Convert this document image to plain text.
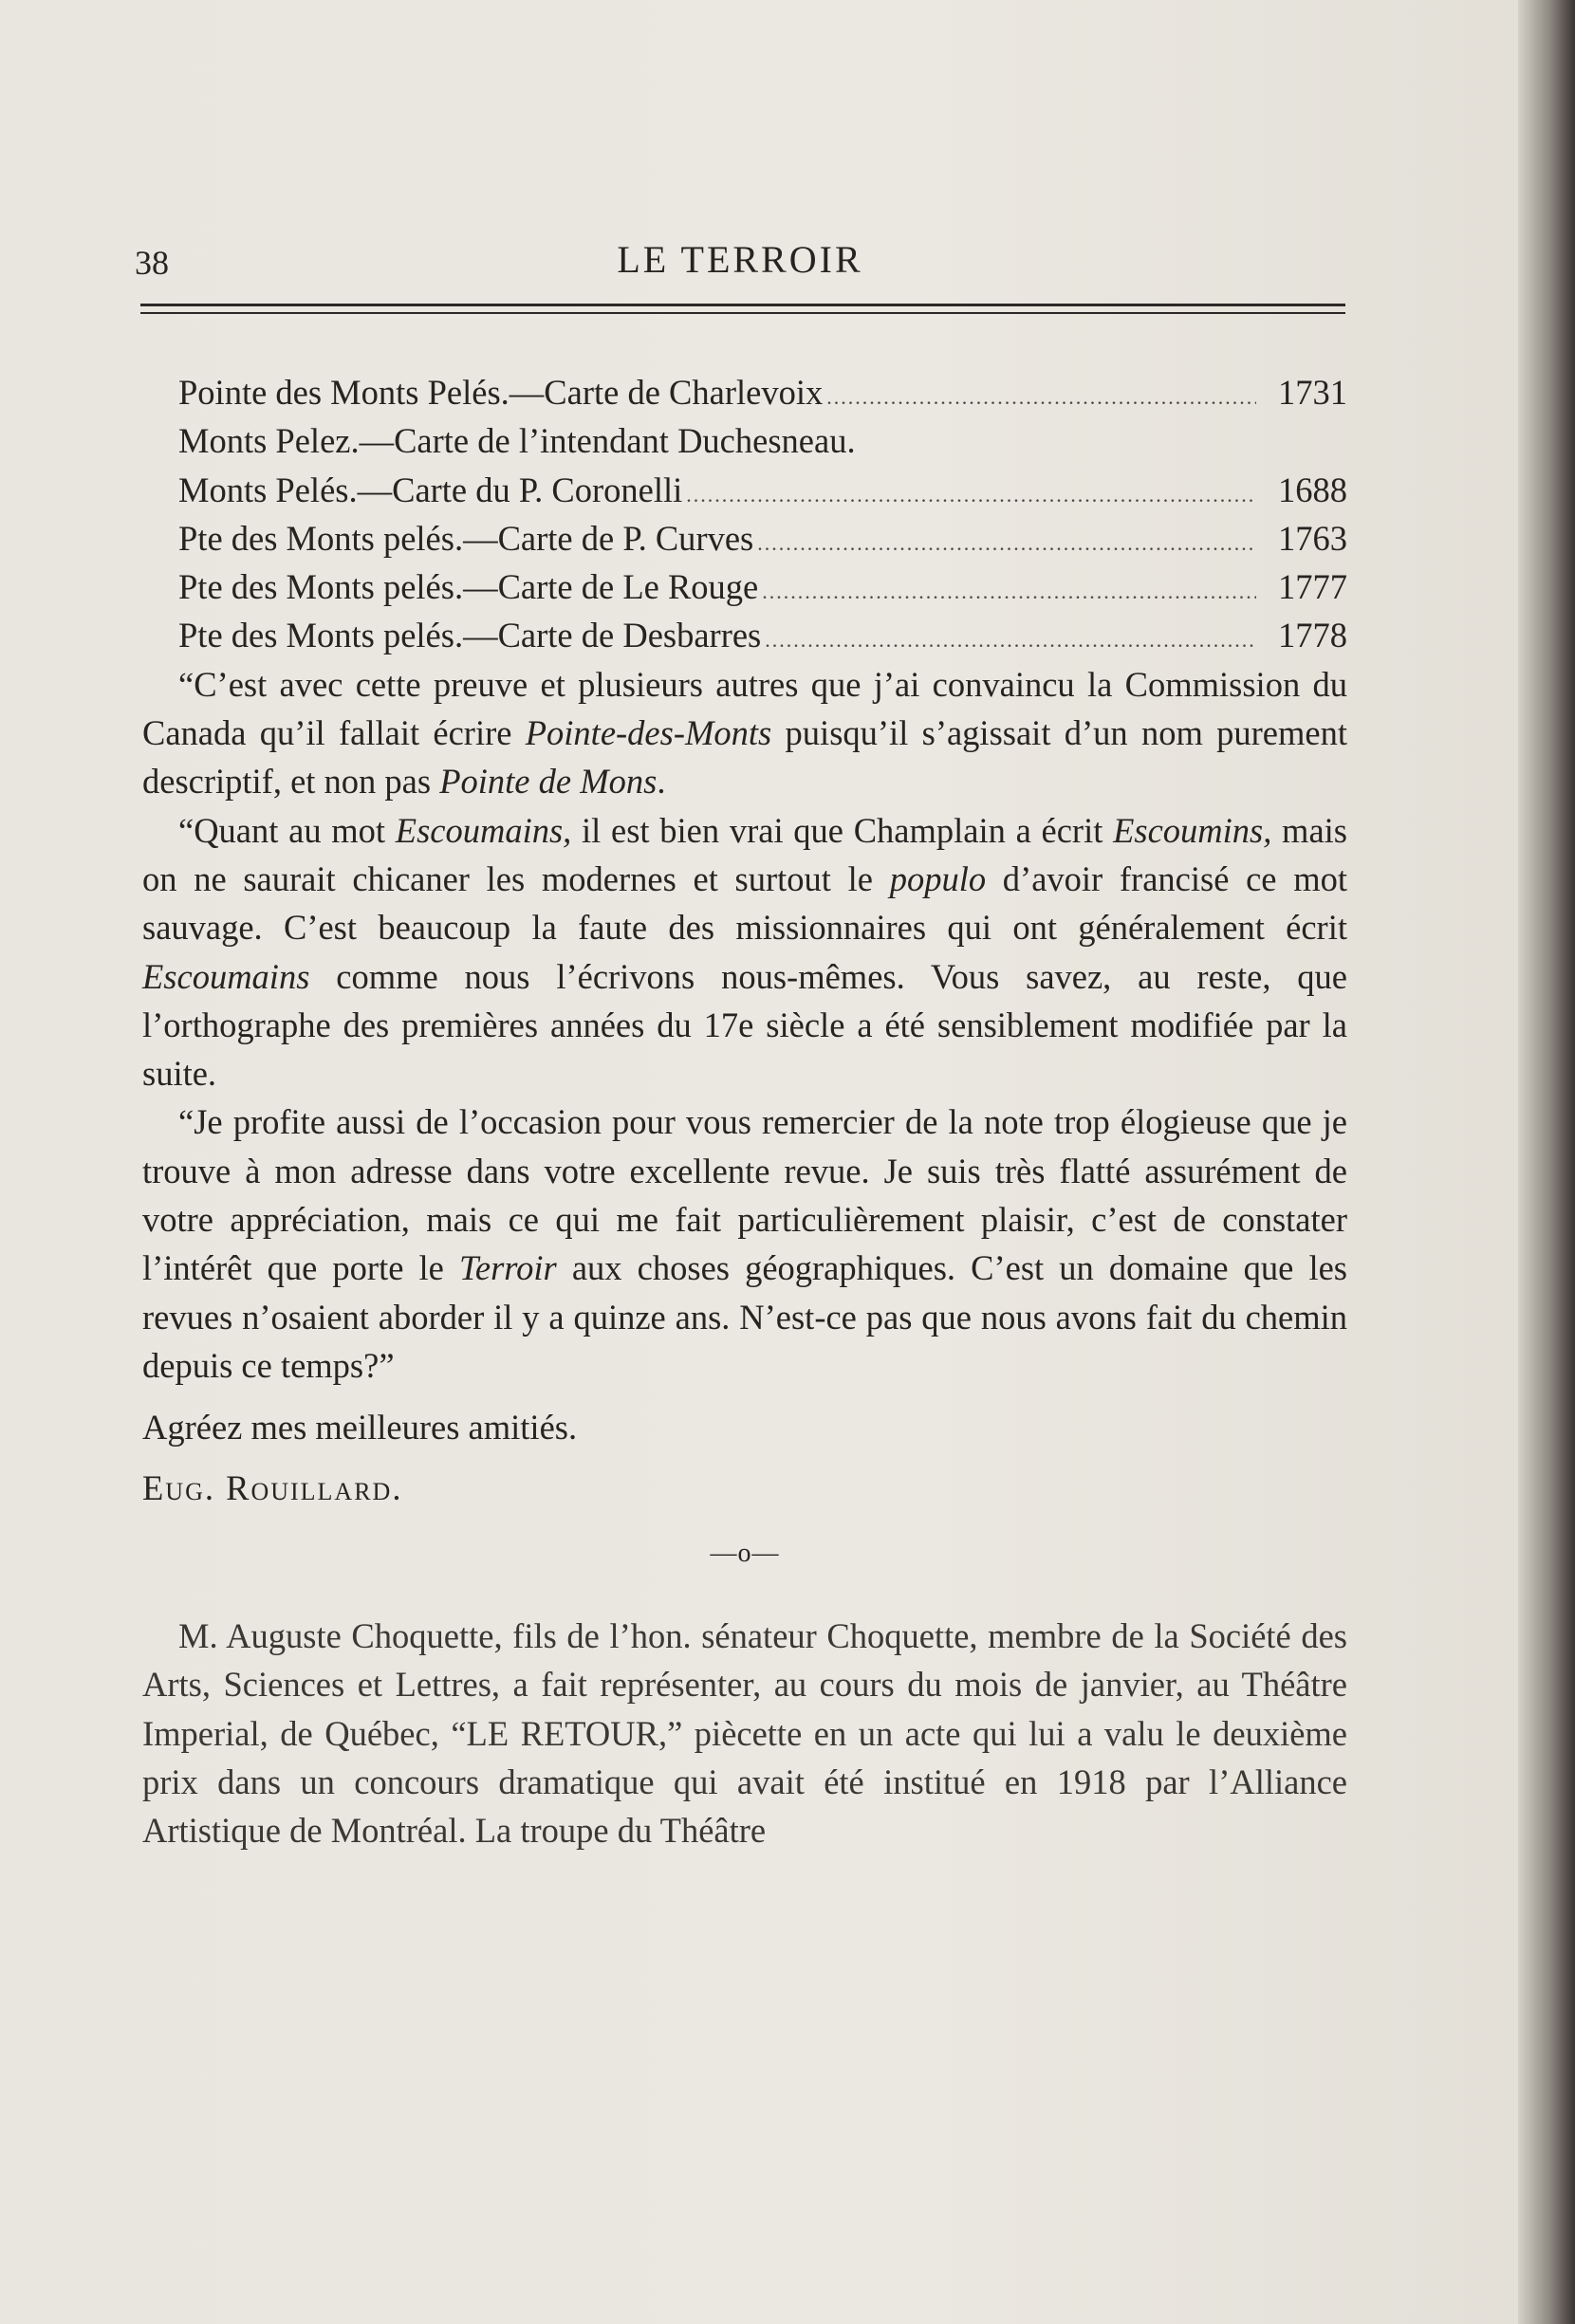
38	LE TERROIR
Pointe des Monts Pelés.—Carte de Charlevoix .....	1731
Monts Pelez.—Carte de l’intendant Duchesneau.
Monts Pelés.—Carte du P. Coronelli .....	1688
Pte des Monts pelés.—Carte de P. Curves .....	1763
Pte des Monts pelés.—Carte de Le Rouge .....	1777
Pte des Monts pelés.—Carte de Desbarres .....	1778

“C’est avec cette preuve et plusieurs autres que j’ai convaincu la Commission du Canada qu’il fallait écrire Pointe-des-Monts puisqu’il s’agissait d’un nom purement descriptif, et non pas Pointe de Mons.

“Quant au mot Escoumains, il est bien vrai que Champlain a écrit Escoumins, mais on ne saurait chicaner les modernes et surtout le populo d’avoir francisé ce mot sauvage. C’est beaucoup la faute des missionnaires qui ont généralement écrit Escoumains comme nous l’écrivons nous-mêmes. Vous savez, au reste, que l’orthographe des premières années du 17e siècle a été sensiblement modifiée par la suite.

“Je profite aussi de l’occasion pour vous remercier de la note trop élogieuse que je trouve à mon adresse dans votre excellente revue. Je suis très flatté assurément de votre appréciation, mais ce qui me fait particulièrement plaisir, c’est de constater l’intérêt que porte le Terroir aux choses géographiques. C’est un domaine que les revues n’osaient aborder il y a quinze ans. N’est-ce pas que nous avons fait du chemin depuis ce temps?”

Agréez mes meilleures amitiés.

Eug. Rouillard.

—o—

M. Auguste Choquette, fils de l’hon. sénateur Choquette, membre de la Société des Arts, Sciences et Lettres, a fait représenter, au cours du mois de janvier, au Théâtre Imperial, de Québec, “LE RETOUR,” piècette en un acte qui lui a valu le deuxième prix dans un concours dramatique qui avait été institué en 1918 par l’Alliance Artistique de Montréal. La troupe du Théâtre
